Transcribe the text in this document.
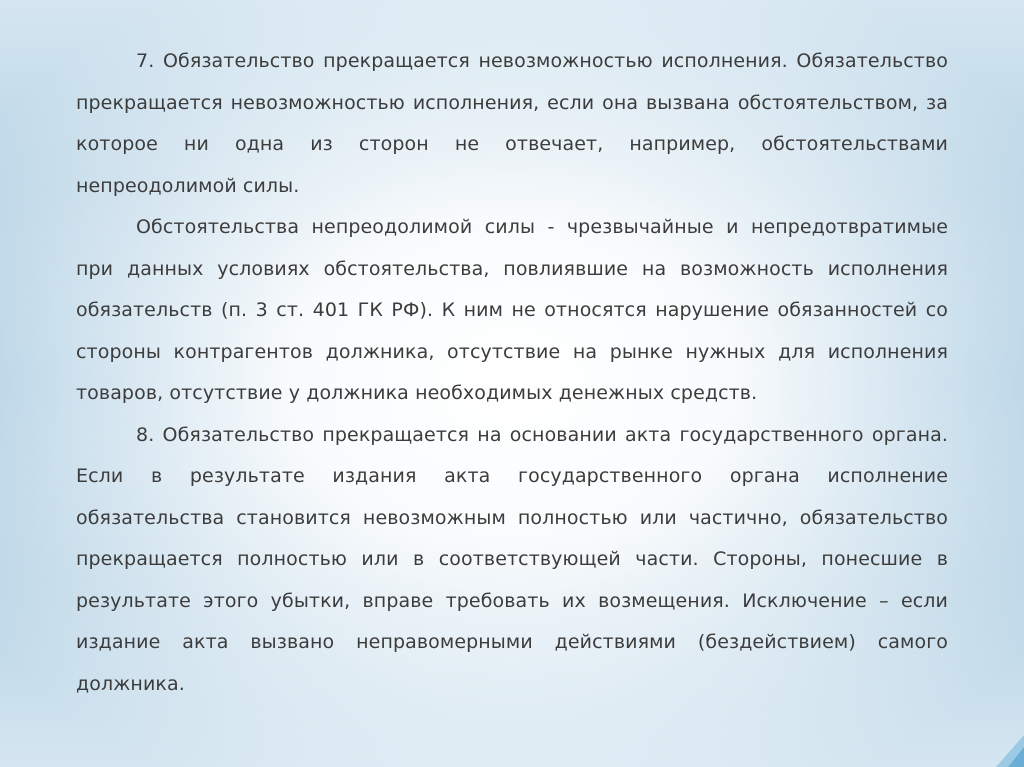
7. Обязательство прекращается невозможностью исполнения. Обязательство прекращается невозможностью исполнения, если она вызвана обстоятельством, за которое ни одна из сторон не отвечает, например, обстоятельствами непреодолимой силы.

Обстоятельства непреодолимой силы - чрезвычайные и непредотвратимые при данных условиях обстоятельства, повлиявшие на возможность исполнения обязательств (п. 3 ст. 401 ГК РФ). К ним не относятся нарушение обязанностей со стороны контрагентов должника, отсутствие на рынке нужных для исполнения товаров, отсутствие у должника необходимых денежных средств.

8. Обязательство прекращается на основании акта государственного органа. Если в результате издания акта государственного органа исполнение обязательства становится невозможным полностью или частично, обязательство прекращается полностью или в соответствующей части. Стороны, понесшие в результате этого убытки, вправе требовать их возмещения. Исключение – если издание акта вызвано неправомерными действиями (бездействием) самого должника.
